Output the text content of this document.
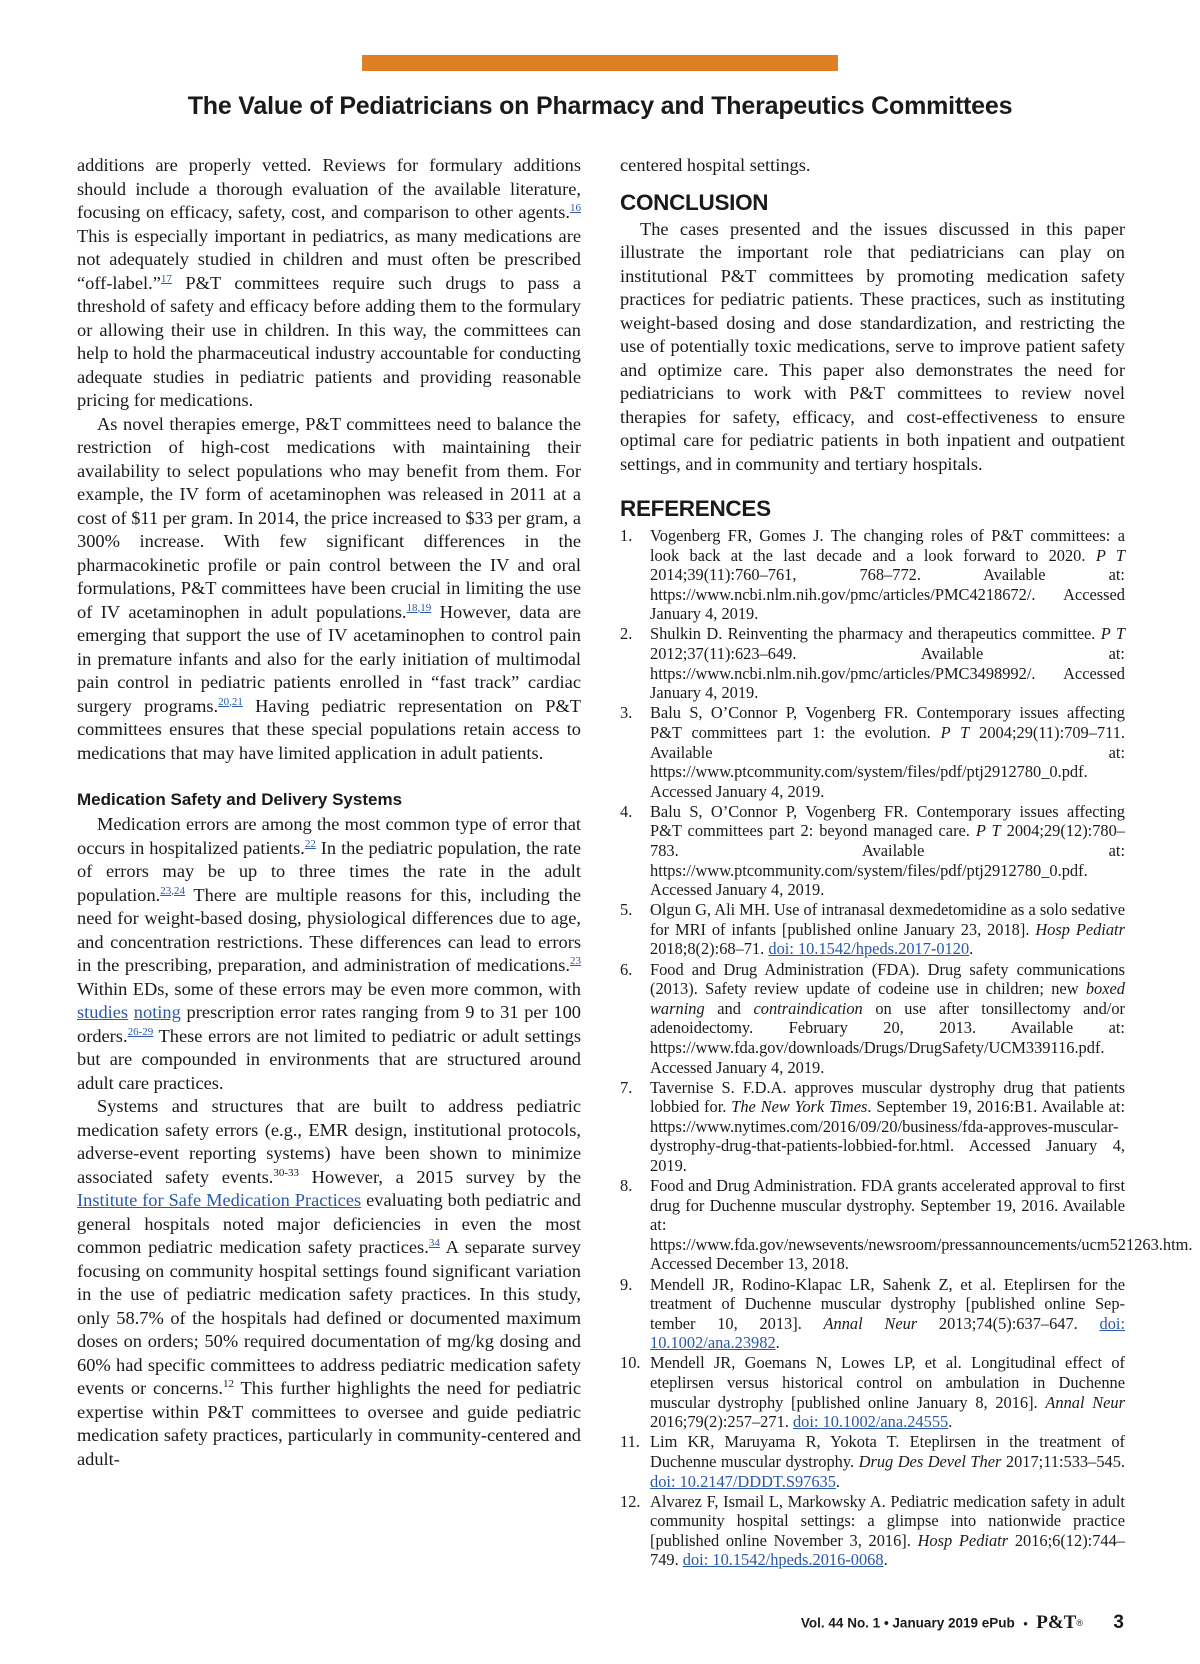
The Value of Pediatricians on Pharmacy and Therapeutics Committees

additions are properly vetted. Reviews for formulary additions should include a thorough evaluation of the available literature, focusing on efficacy, safety, cost, and comparison to other agents.$^{16}$ This is especially important in pediatrics, as many medications are not adequately studied in children and must often be prescribed “off-label.”$^{17}$ P&T committees require such drugs to pass a threshold of safety and efficacy before adding them to the formulary or allowing their use in children. In this way, the committees can help to hold the pharmaceutical industry accountable for conducting adequate studies in pediatric patients and providing reasonable pricing for medications.

As novel therapies emerge, P&T committees need to balance the restriction of high-cost medications with maintaining their availability to select populations who may benefit from them. For example, the IV form of acetaminophen was released in 2011 at a cost of $11 per gram. In 2014, the price increased to $33 per gram, a 300% increase. With few significant differences in the pharmacokinetic profile or pain control between the IV and oral formulations, P&T committees have been crucial in limiting the use of IV acetaminophen in adult populations.$^{18,19}$ However, data are emerging that support the use of IV acetaminophen to control pain in premature infants and also for the early initiation of multimodal pain control in pediatric patients enrolled in “fast track” cardiac surgery programs.$^{20,21}$ Having pediatric representation on P&T committees ensures that these special populations retain access to medications that may have limited application in adult patients.

Medication Safety and Delivery Systems

Medication errors are among the most common type of error that occurs in hospitalized patients.$^{22}$ In the pediatric population, the rate of errors may be up to three times the rate in the adult population.$^{23,24}$ There are multiple reasons for this, including the need for weight-based dosing, physiological differences due to age, and concentration restrictions. These differences can lead to errors in the prescribing, preparation, and administration of medications.$^{23}$ Within EDs, some of these errors may be even more common, with studies noting prescription error rates ranging from 9 to 31 per 100 orders.$^{26-29}$ These errors are not limited to pediatric or adult settings but are compounded in environments that are structured around adult care practices.

Systems and structures that are built to address pediatric medication safety errors (e.g., EMR design, institutional protocols, adverse-event reporting systems) have been shown to minimize associated safety events.$^{30-33}$ However, a 2015 survey by the Institute for Safe Medication Practices evaluating both pediatric and general hospitals noted major deficiencies in even the most common pediatric medication safety practices.$^{34}$ A separate survey focusing on community hospital settings found significant variation in the use of pediatric medication safety practices. In this study, only 58.7% of the hospitals had defined or documented maximum doses on orders; 50% required documentation of mg/kg dosing and 60% had specific committees to address pediatric medication safety events or concerns.$^{12}$ This further highlights the need for pediatric expertise within P&T committees to oversee and guide pediatric medication safety practices, particularly in community-centered and adult-

centered hospital settings.

CONCLUSION

The cases presented and the issues discussed in this paper illustrate the important role that pediatricians can play on institutional P&T committees by promoting medication safety practices for pediatric patients. These practices, such as instituting weight-based dosing and dose standardization, and restricting the use of potentially toxic medications, serve to improve patient safety and optimize care. This paper also demonstrates the need for pediatricians to work with P&T committees to review novel therapies for safety, efficacy, and cost-effectiveness to ensure optimal care for pediatric patients in both inpatient and outpatient settings, and in community and tertiary hospitals.

REFERENCES
1.	Vogenberg FR, Gomes J. The changing roles of P&T committees: a look back at the last decade and a look forward to 2020. P T 2014;39(11):760–761, 768–772. Available at: https://www.ncbi.nlm.nih.gov/pmc/articles/PMC4218672/. Accessed January 4, 2019.
2.	Shulkin D. Reinventing the pharmacy and therapeutics committee. P T 2012;37(11):623–649. Available at: https://www.ncbi.nlm.nih.gov/pmc/articles/PMC3498992/. Accessed January 4, 2019.
3.	Balu S, O’Connor P, Vogenberg FR. Contemporary issues affecting P&T committees part 1: the evolution. P T 2004;29(11):709–711. Available at: https://www.ptcommunity.com/system/files/pdf/ptj2912780_0.pdf. Accessed January 4, 2019.
4.	Balu S, O’Connor P, Vogenberg FR. Contemporary issues affecting P&T committees part 2: beyond managed care. P T 2004;29(12):780–783. Available at: https://www.ptcommunity.com/system/files/pdf/ptj2912780_0.pdf. Accessed January 4, 2019.
5.	Olgun G, Ali MH. Use of intranasal dexmedetomidine as a solo sedative for MRI of infants [published online January 23, 2018]. Hosp Pediatr 2018;8(2):68–71. doi: 10.1542/hpeds.2017-0120.
6.	Food and Drug Administration (FDA). Drug safety communications (2013). Safety review update of codeine use in children; new boxed warning and contraindication on use after tonsillectomy and/or adenoidectomy. February 20, 2013. Available at: https://www.fda.gov/downloads/Drugs/DrugSafety/UCM339116.pdf. Accessed January 4, 2019.
7.	Tavernise S. F.D.A. approves muscular dystrophy drug that patients lobbied for. The New York Times. September 19, 2016:B1. Available at: https://www.nytimes.com/2016/09/20/business/fda-approves-muscular-dystrophy-drug-that-patients-lobbied-for.html. Accessed January 4, 2019.
8.	Food and Drug Administration. FDA grants accelerated approval to first drug for Duchenne muscular dystrophy. September 19, 2016. Available at: https://www.fda.gov/newsevents/newsroom/pressannouncements/ucm521263.htm. Accessed December 13, 2018.
9.	Mendell JR, Rodino-Klapac LR, Sahenk Z, et al. Eteplirsen for the treatment of Duchenne muscular dystrophy [published online September 10, 2013]. Annal Neur 2013;74(5):637–647. doi: 10.1002/ana.23982.
10. Mendell JR, Goemans N, Lowes LP, et al. Longitudinal effect of eteplirsen versus historical control on ambulation in Duchenne muscular dystrophy [published online January 8, 2016]. Annal Neur 2016;79(2):257–271. doi: 10.1002/ana.24555.
11. Lim KR, Maruyama R, Yokota T. Eteplirsen in the treatment of Duchenne muscular dystrophy. Drug Des Devel Ther 2017;11:533–545. doi: 10.2147/DDDT.S97635.
12. Alvarez F, Ismail L, Markowsky A. Pediatric medication safety in adult community hospital settings: a glimpse into nationwide practice [published online November 3, 2016]. Hosp Pediatr 2016;6(12):744–749. doi: 10.1542/hpeds.2016-0068.
Vol. 44 No. 1 • January 2019 ePub • P&T® 3
